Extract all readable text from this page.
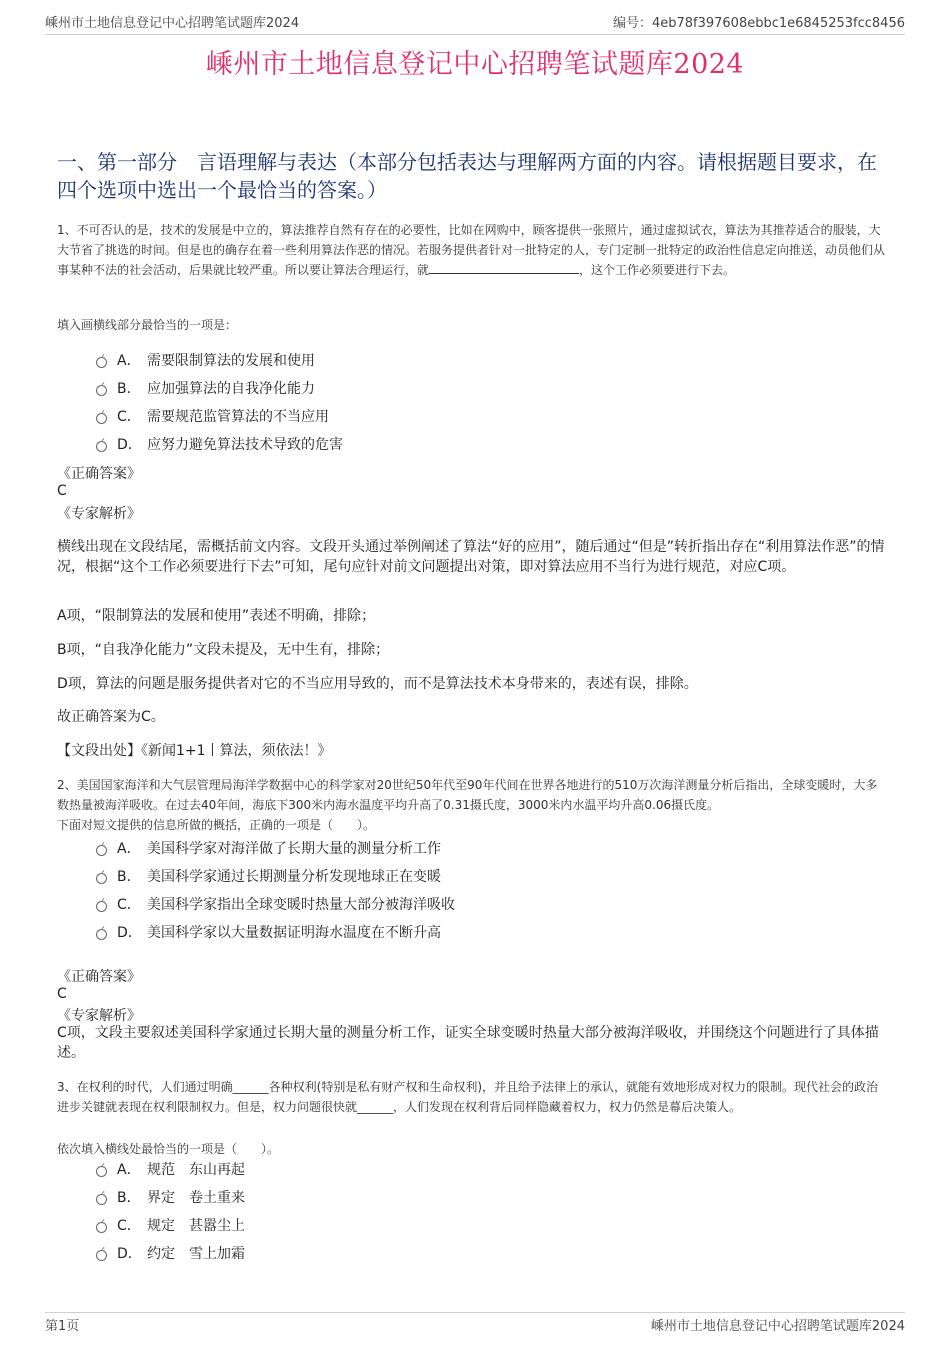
嵊州市土地信息登记中心招聘笔试题库2024	编号：4eb78f397608ebbc1e6845253fcc8456
嵊州市土地信息登记中心招聘笔试题库2024
一、第一部分　言语理解与表达（本部分包括表达与理解两方面的内容。请根据题目要求，在四个选项中选出一个最恰当的答案。）
1、不可否认的是，技术的发展是中立的，算法推荐自然有存在的必要性，比如在网购中，顾客提供一张照片，通过虚拟试衣，算法为其推荐适合的服装，大大节省了挑选的时间。但是也的确存在着一些利用算法作恶的情况。若服务提供者针对一批特定的人，专门定制一批特定的政治性信息定向推送，动员他们从事某种不法的社会活动，后果就比较严重。所以要让算法合理运行，就	，这个工作必须要进行下去。
填入画横线部分最恰当的一项是：
A． 需要限制算法的发展和使用
B． 应加强算法的自我净化能力
C． 需要规范监管算法的不当应用
D． 应努力避免算法技术导致的危害
《正确答案》
C
《专家解析》
横线出现在文段结尾，需概括前文内容。文段开头通过举例阐述了算法“好的应用”，随后通过“但是”转折指出存在“利用算法作恶”的情况，根据“这个工作必须要进行下去”可知，尾句应针对前文问题提出对策，即对算法应用不当行为进行规范，对应C项。
A项，“限制算法的发展和使用”表述不明确，排除；
B项，“自我净化能力”文段未提及，无中生有，排除；
D项，算法的问题是服务提供者对它的不当应用导致的，而不是算法技术本身带来的，表述有误，排除。
故正确答案为C。
【文段出处】《新闻1+1丨算法，须依法！》
2、美国国家海洋和大气层管理局海洋学数据中心的科学家对20世纪50年代至90年代间在世界各地进行的510万次海洋测量分析后指出，全球变暖时，大多数热量被海洋吸收。在过去40年间，海底下300米内海水温度平均升高了0.31摄氏度，3000米内水温平均升高0.06摄氏度。
下面对短文提供的信息所做的概括，正确的一项是（　　）。
A． 美国科学家对海洋做了长期大量的测量分析工作
B． 美国科学家通过长期测量分析发现地球正在变暖
C． 美国科学家指出全球变暖时热量大部分被海洋吸收
D． 美国科学家以大量数据证明海水温度在不断升高
《正确答案》
C
《专家解析》
C项，文段主要叙述美国科学家通过长期大量的测量分析工作，证实全球变暖时热量大部分被海洋吸收，并围绕这个问题进行了具体描述。
3、在权利的时代，人们通过明确______各种权利(特别是私有财产权和生命权利)，并且给予法律上的承认，就能有效地形成对权力的限制。现代社会的政治进步关键就表现在权利限制权力。但是，权力问题很快就______，人们发现在权利背后同样隐藏着权力，权力仍然是幕后决策人。
依次填入横线处最恰当的一项是（　　）。
A． 规范　东山再起
B． 界定　卷土重来
C． 规定　甚嚣尘上
D． 约定　雪上加霜
第1页	嵊州市土地信息登记中心招聘笔试题库2024
